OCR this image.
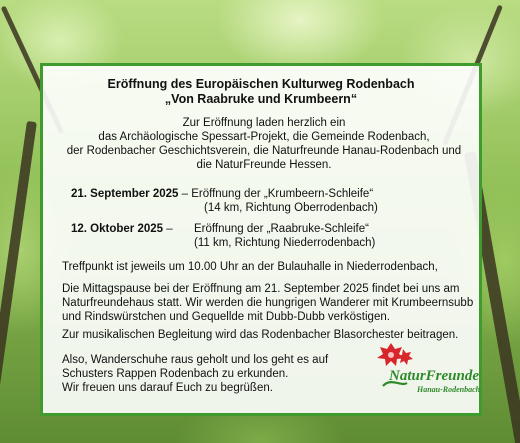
Eröffnung des Europäischen Kulturweg Rodenbach
„Von Raabruke und Krumbeern“
Zur Eröffnung laden herzlich ein
das Archäologische Spessart-Projekt, die Gemeinde Rodenbach,
der Rodenbacher Geschichtsverein, die Naturfreunde Hanau-Rodenbach und
die NaturFreunde Hessen.
21. September 2025 – Eröffnung der „Krumbeern-Schleife“
(14 km, Richtung Oberrodenbach)
12. Oktober 2025 – Eröffnung der „Raabruke-Schleife“
(11 km, Richtung Niederrodenbach)
Treffpunkt ist jeweils um 10.00 Uhr an der Bulauhalle in Niederrodenbach,
Die Mittagspause bei der Eröffnung am 21. September 2025 findet bei uns am
Naturfreundehaus statt. Wir werden die hungrigen Wanderer mit Krumbeernsubb
und Rindswürstchen und Gequellde mit Dubb-Dubb verköstigen.
Zur musikalischen Begleitung wird das Rodenbacher Blasorchester beitragen.
Also, Wanderschuhe raus geholt und los geht es auf
Schusters Rappen Rodenbach zu erkunden.
Wir freuen uns darauf Euch zu begrüßen.
NaturFreunde
Hanau-Rodenbach
